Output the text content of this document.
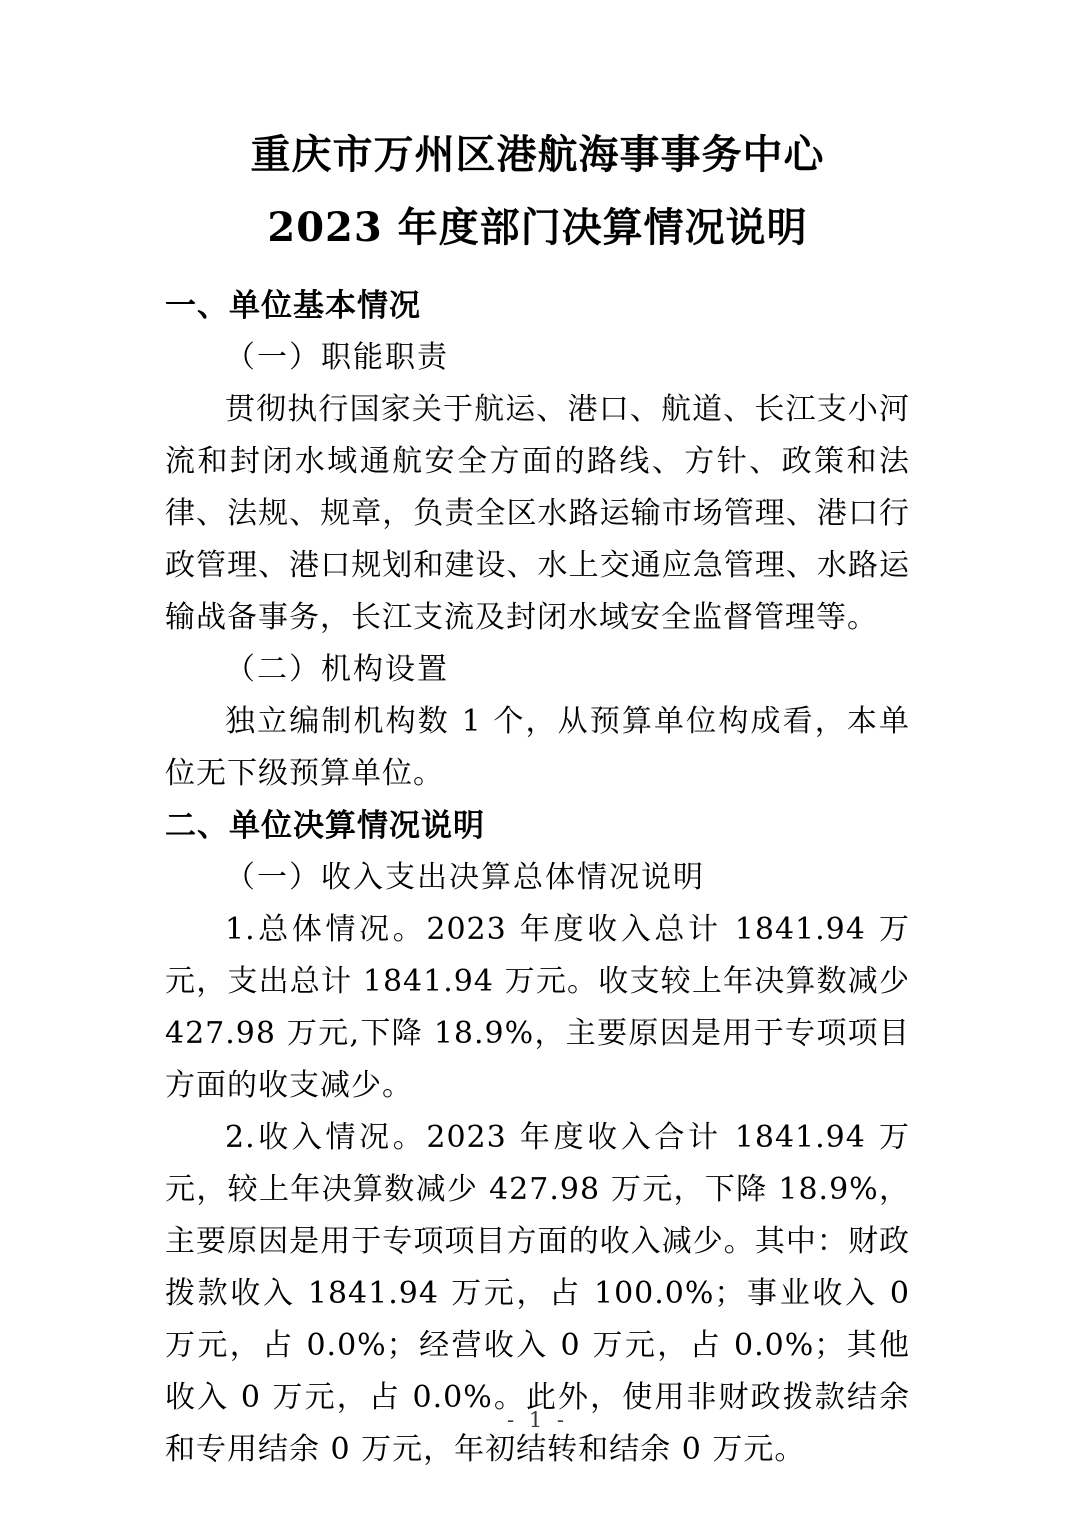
重庆市万州区港航海事事务中心
2023 年度部门决算情况说明
一、单位基本情况
（一）职能职责

贯彻执行国家关于航运、港口、航道、长江支小河流和封闭水域通航安全方面的路线、方针、政策和法律、法规、规章，负责全区水路运输市场管理、港口行政管理、港口规划和建设、水上交通应急管理、水路运输战备事务，长江支流及封闭水域安全监督管理等。

（二）机构设置

独立编制机构数 1 个，从预算单位构成看，本单位无下级预算单位。

二、单位决算情况说明
（一）收入支出决算总体情况说明

1.总体情况。2023 年度收入总计 1841.94 万元，支出总计 1841.94 万元。收支较上年决算数减少 427.98 万元,下降 18.9%，主要原因是用于专项项目方面的收支减少。

2.收入情况。2023 年度收入合计 1841.94 万元，较上年决算数减少 427.98 万元，下降 18.9%，主要原因是用于专项项目方面的收入减少。其中：财政拨款收入 1841.94 万元，占 100.0%；事业收入 0 万元，占 0.0%；经营收入 0 万元，占 0.0%；其他收入 0 万元，占 0.0%。此外，使用非财政拨款结余和专用结余 0 万元，年初结转和结余 0 万元。

- 1 -
